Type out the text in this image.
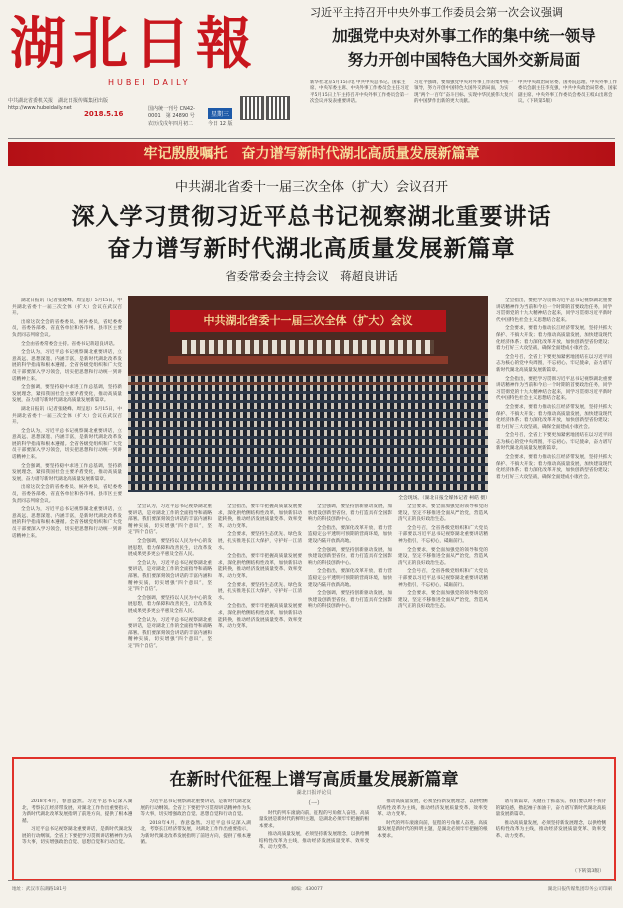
湖北日報
HUBEI DAILY
中共湖北省委机关报　湖北日报传媒集团出版
http://www.hubeidaily.net
2018.5.16
国内统一刊号 CN42-0001　第 24890 号	星期三
农历戊戌年四月初二	今日 12 版
习近平主持召开中央外事工作委员会第一次会议强调
加强党中央对外事工作的集中统一领导
努力开创中国特色大国外交新局面
新华社北京5月15日电 中共中央总书记、国家主席、中央军委主席、中央外事工作委员会主任习近平5月15日上午主持召开中央外事工作委员会第一次会议并发表重要讲话。
习近平强调，要加强党中央对外事工作的集中统一领导，努力开创中国特色大国外交新局面，为实现“两个一百年”奋斗目标、实现中华民族伟大复兴的中国梦作出新的更大贡献。
中共中央政治局常委、国务院总理、中央外事工作委员会副主任李克强，中共中央政治局常委、国家副主席、中央外事工作委员会委员王岐山出席会议。（下转第5版）
牢记殷殷嘱托　奋力谱写新时代湖北高质量发展新篇章
中共湖北省委十一届三次全体（扩大）会议召开
深入学习贯彻习近平总书记视察湖北重要讲话
奋力谱写新时代湖北高质量发展新篇章
省委常委会主持会议　蒋超良讲话

湖北日报讯（记者张晓峰、周呈思）5月15日，中共湖北省委十一届三次全体（扩大）会议在武汉召开。

出席这次全会的省委委员、候补委员，省纪委委员，省委各部委、省直各单位和各市州、县市区主要负责同志列席会议。

全会由省委常委会主持。省委书记蒋超良讲话。

全会认为，习近平总书记视察湖北重要讲话，立意高远、思想深邃、内涵丰富，是新时代湖北改革发展的科学指南和根本遵循。全省各级党组织和广大党员干部要深入学习领会，切实把思想和行动统一到讲话精神上来。

全会强调，要坚持稳中求进工作总基调，坚持新发展理念，紧扣我国社会主要矛盾变化，推动高质量发展，奋力谱写新时代湖北高质量发展新篇章。

湖北日报讯（记者张晓峰、周呈思）5月15日，中共湖北省委十一届三次全体（扩大）会议在武汉召开。

全会认为，习近平总书记视察湖北重要讲话，立意高远、思想深邃、内涵丰富，是新时代湖北改革发展的科学指南和根本遵循。全省各级党组织和广大党员干部要深入学习领会，切实把思想和行动统一到讲话精神上来。

全会强调，要坚持稳中求进工作总基调，坚持新发展理念，紧扣我国社会主要矛盾变化，推动高质量发展，奋力谱写新时代湖北高质量发展新篇章。

出席这次全会的省委委员、候补委员，省纪委委员，省委各部委、省直各单位和各市州、县市区主要负责同志列席会议。

全会认为，习近平总书记视察湖北重要讲话，立意高远、思想深邃、内涵丰富，是新时代湖北改革发展的科学指南和根本遵循。全省各级党组织和广大党员干部要深入学习领会，切实把思想和行动统一到讲话精神上来。

中共湖北省委十一届三次全体（扩大）会议
全会现场。（湖北日报全媒体记者 柯皓 摄）

全会指出，要把学习贯彻习近平总书记视察湖北重要讲话精神作为当前和今后一个时期的首要政治任务，同学习贯彻党的十九大精神结合起来，同学习贯彻习近平新时代中国特色社会主义思想结合起来。

全会要求，要着力推动长江经济带发展，坚持共抓大保护、不搞大开发；着力推动高质量发展，加快建设现代化经济体系；着力深化改革开放，加快创新型省份建设；着力打好三大攻坚战，确保全面建成小康社会。

全会号召，全省上下要更加紧密地团结在以习近平同志为核心的党中央周围，不忘初心、牢记使命，奋力谱写新时代湖北高质量发展新篇章。

全会指出，要把学习贯彻习近平总书记视察湖北重要讲话精神作为当前和今后一个时期的首要政治任务，同学习贯彻党的十九大精神结合起来，同学习贯彻习近平新时代中国特色社会主义思想结合起来。

全会要求，要着力推动长江经济带发展，坚持共抓大保护、不搞大开发；着力推动高质量发展，加快建设现代化经济体系；着力深化改革开放，加快创新型省份建设；着力打好三大攻坚战，确保全面建成小康社会。

全会号召，全省上下要更加紧密地团结在以习近平同志为核心的党中央周围，不忘初心、牢记使命，奋力谱写新时代湖北高质量发展新篇章。

全会要求，要着力推动长江经济带发展，坚持共抓大保护、不搞大开发；着力推动高质量发展，加快建设现代化经济体系；着力深化改革开放，加快创新型省份建设；着力打好三大攻坚战，确保全面建成小康社会。

全会认为，习近平总书记视察湖北重要讲话，是对湖北工作的全面指导和战略部署。我们要深刻领会讲话的丰富内涵和精神实质，切实增强“四个意识”，坚定“四个自信”。

全会强调，要坚持以人民为中心的发展思想，着力保障和改善民生，让改革发展成果更多更公平惠及全省人民。

全会认为，习近平总书记视察湖北重要讲话，是对湖北工作的全面指导和战略部署。我们要深刻领会讲话的丰富内涵和精神实质，切实增强“四个意识”，坚定“四个自信”。

全会强调，要坚持以人民为中心的发展思想，着力保障和改善民生，让改革发展成果更多更公平惠及全省人民。

全会认为，习近平总书记视察湖北重要讲话，是对湖北工作的全面指导和战略部署。我们要深刻领会讲话的丰富内涵和精神实质，切实增强“四个意识”，坚定“四个自信”。

全会指出，要牢牢把握高质量发展要求，深化供给侧结构性改革，加快新旧动能转换，推动经济发展质量变革、效率变革、动力变革。

全会要求，要坚持生态优先、绿色发展，扎实推进长江大保护，守护好一江清水。

全会指出，要牢牢把握高质量发展要求，深化供给侧结构性改革，加快新旧动能转换，推动经济发展质量变革、效率变革、动力变革。

全会要求，要坚持生态优先、绿色发展，扎实推进长江大保护，守护好一江清水。

全会指出，要牢牢把握高质量发展要求，深化供给侧结构性改革，加快新旧动能转换，推动经济发展质量变革、效率变革、动力变革。

全会强调，要坚持创新驱动发展，加快建设创新型省份，着力打造具有全国影响力的科技创新中心。

全会指出，要深化改革开放，着力营造稳定公平透明可预期的营商环境，加快建设内陆开放新高地。

全会强调，要坚持创新驱动发展，加快建设创新型省份，着力打造具有全国影响力的科技创新中心。

全会指出，要深化改革开放，着力营造稳定公平透明可预期的营商环境，加快建设内陆开放新高地。

全会强调，要坚持创新驱动发展，加快建设创新型省份，着力打造具有全国影响力的科技创新中心。

全会要求，要全面加强党的领导和党的建设，坚定不移推进全面从严治党，营造风清气正的良好政治生态。

全会号召，全省各级党组织和广大党员干部要以习近平总书记视察湖北重要讲话精神为指引，不忘初心，砥砺前行。

全会要求，要全面加强党的领导和党的建设，坚定不移推进全面从严治党，营造风清气正的良好政治生态。

全会号召，全省各级党组织和广大党员干部要以习近平总书记视察湖北重要讲话精神为指引，不忘初心，砥砺前行。

全会要求，要全面加强党的领导和党的建设，坚定不移推进全面从严治党，营造风清气正的良好政治生态。

在新时代征程上谱写高质量发展新篇章
湖北日报评论员

2018年4月，春意盎然。习近平总书记深入湖北，考察长江经济带发展，对湖北工作作出重要指示，为新时代湖北改革发展指明了前进方向，提供了根本遵循。

习近平总书记视察湖北重要讲话，是新时代湖北发展的行动纲领。全省上下要把学习贯彻讲话精神作为头等大事，切实增强政治自觉、思想自觉和行动自觉。

习近平总书记视察湖北重要讲话，是新时代湖北发展的行动纲领。全省上下要把学习贯彻讲话精神作为头等大事，切实增强政治自觉、思想自觉和行动自觉。

2018年4月，春意盎然。习近平总书记深入湖北，考察长江经济带发展，对湖北工作作出重要指示，为新时代湖北改革发展指明了前进方向，提供了根本遵循。

（一）

时代的列车滚滚向前，征程的号角催人奋进。高质量发展是新时代的鲜明主题，是湖北必须牢牢把握的根本要求。

推动高质量发展，必须坚持新发展理念，以供给侧结构性改革为主线，推动经济发展质量变革、效率变革、动力变革。

推动高质量发展，必须坚持新发展理念，以供给侧结构性改革为主线，推动经济发展质量变革、效率变革、动力变革。

时代的列车滚滚向前，征程的号角催人奋进。高质量发展是新时代的鲜明主题，是湖北必须牢牢把握的根本要求。

谱写新篇章，关键在于抓落实。我们要以时不我待的紧迫感，撸起袖子加油干，奋力谱写新时代湖北高质量发展新篇章。

推动高质量发展，必须坚持新发展理念，以供给侧结构性改革为主线，推动经济发展质量变革、效率变革、动力变革。

（下转第3版）
地址：武汉市东湖路181号	邮编：430077	湖北日报传媒集团印务公司印刷
